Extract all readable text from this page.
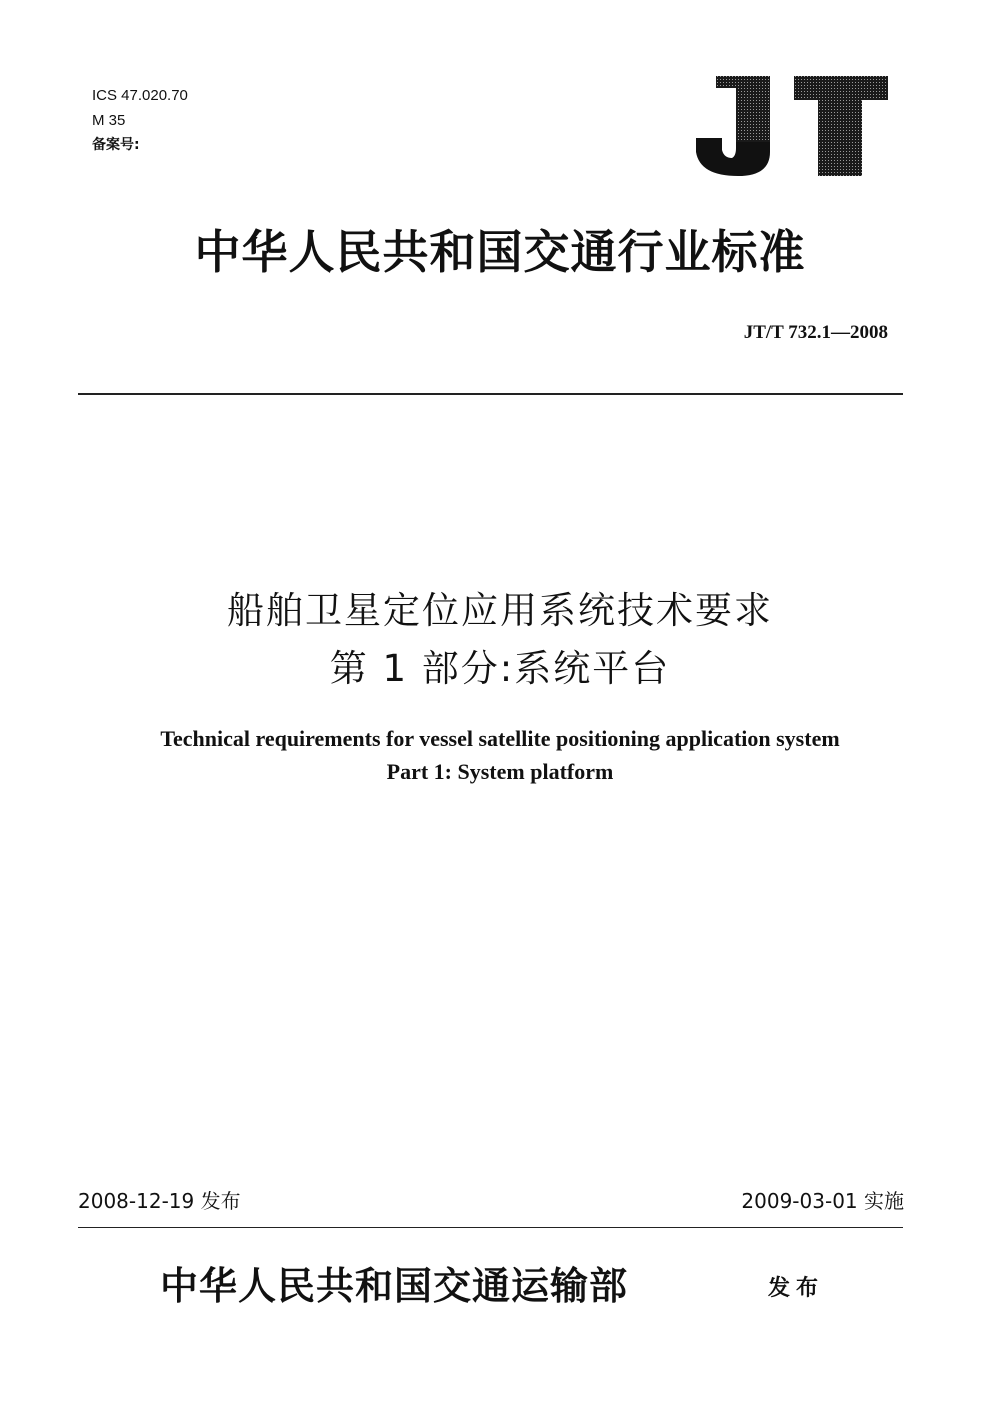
ICS 47.020.70
M 35
备案号:
中华人民共和国交通行业标准
JT/T 732.1—2008
船舶卫星定位应用系统技术要求
第 1 部分:系统平台
Technical requirements for vessel satellite positioning application system
Part 1: System platform
2008-12-19 发布	2009-03-01 实施
中华人民共和国交通运输部	发布
